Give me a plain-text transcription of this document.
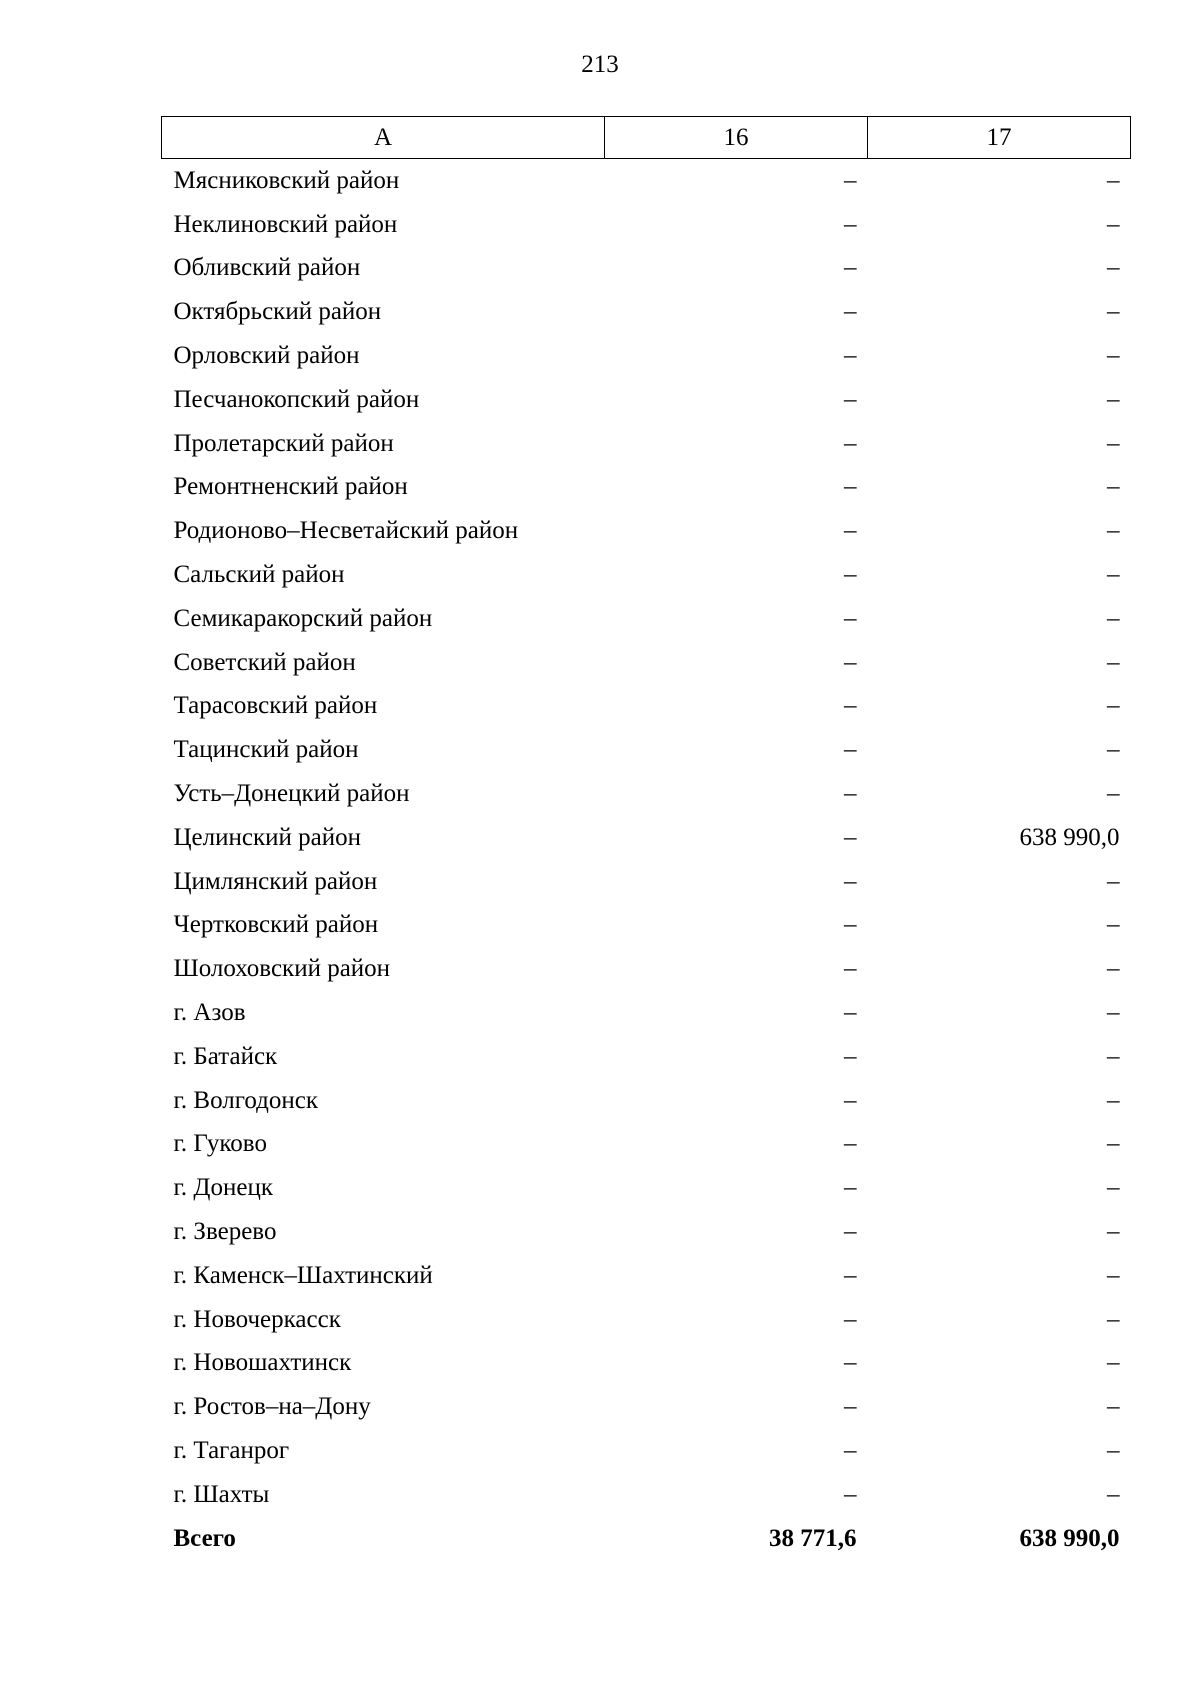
213
А	16	17
Мясниковский район	–	–
Неклиновский район	–	–
Обливский район	–	–
Октябрьский район	–	–
Орловский район	–	–
Песчанокопский район	–	–
Пролетарский район	–	–
Ремонтненский район	–	–
Родионово–Несветайский район	–	–
Сальский район	–	–
Семикаракорский район	–	–
Советский район	–	–
Тарасовский район	–	–
Тацинский район	–	–
Усть–Донецкий район	–	–
Целинский район	–	638 990,0
Цимлянский район	–	–
Чертковский район	–	–
Шолоховский район	–	–
г. Азов	–	–
г. Батайск	–	–
г. Волгодонск	–	–
г. Гуково	–	–
г. Донецк	–	–
г. Зверево	–	–
г. Каменск–Шахтинский	–	–
г. Новочеркасск	–	–
г. Новошахтинск	–	–
г. Ростов–на–Дону	–	–
г. Таганрог	–	–
г. Шахты	–	–
Всего	38 771,6	638 990,0
